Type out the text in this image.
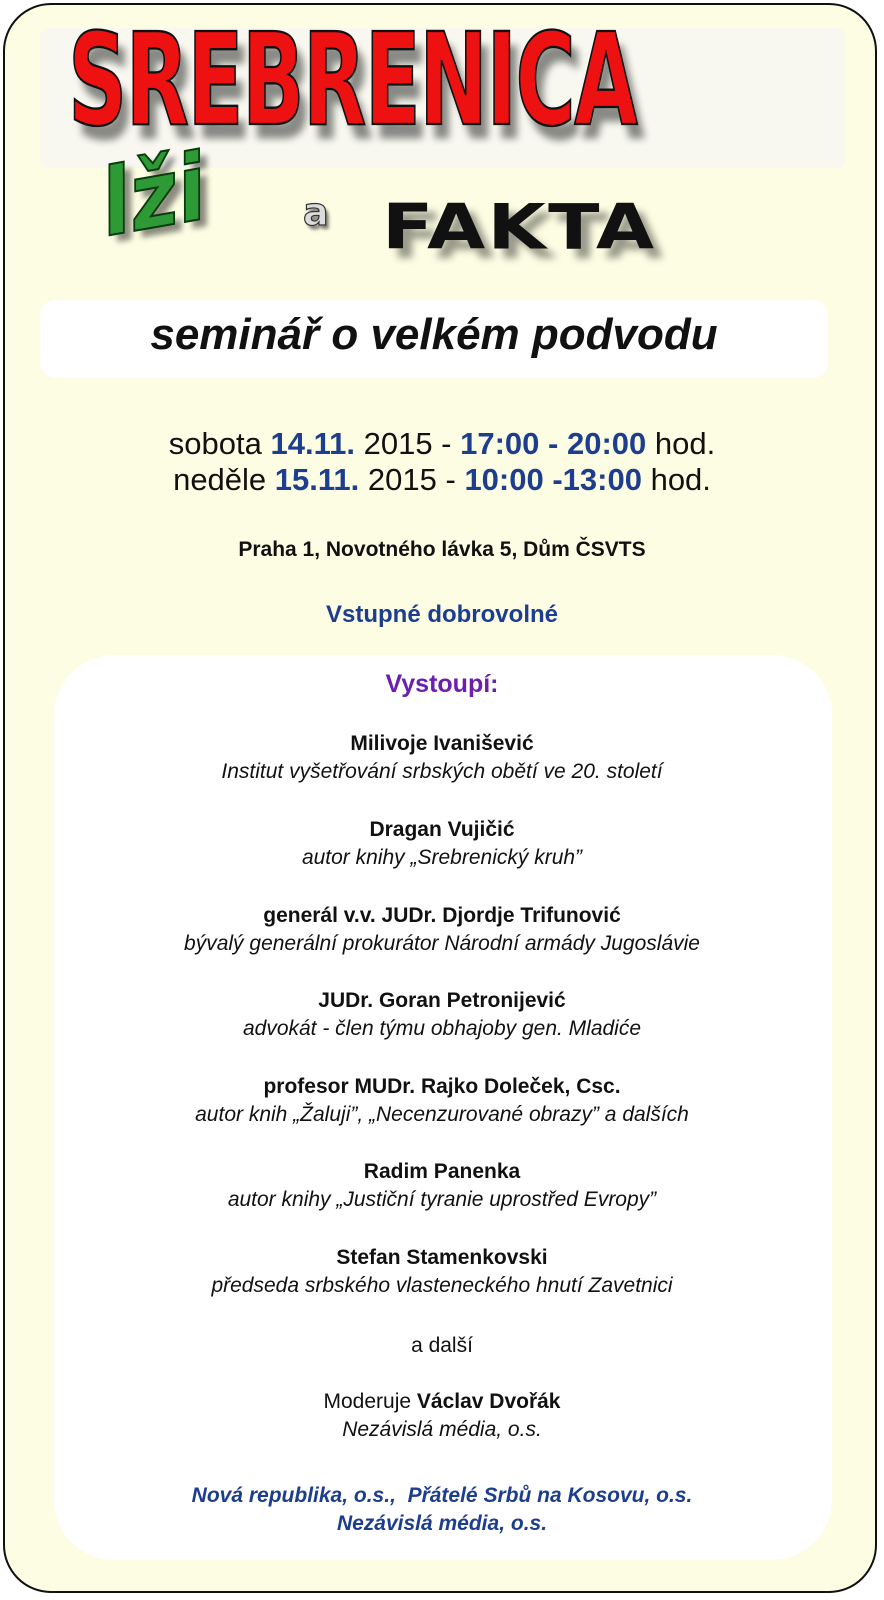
SREBRENICA
lži a FAKTA
seminář o velkém podvodu
sobota 14.11. 2015 - 17:00 - 20:00 hod.
neděle 15.11. 2015 - 10:00 -13:00 hod.
Praha 1, Novotného lávka 5, Dům ČSVTS
Vstupné dobrovolné
Vystoupí:
Milivoje Ivanišević
Institut vyšetřování srbských obětí ve 20. století
Dragan Vujičić
autor knihy „Srebrenický kruh”
generál v.v. JUDr. Djordje Trifunović
bývalý generální prokurátor Národní armády Jugoslávie
JUDr. Goran Petronijević
advokát - člen týmu obhajoby gen. Mladiće
profesor MUDr. Rajko Doleček, Csc.
autor knih „Žaluji”, „Necenzurované obrazy” a dalších
Radim Panenka
autor knihy „Justiční tyranie uprostřed Evropy”
Stefan Stamenkovski
předseda srbského vlasteneckého hnutí Zavetnici
a další
Moderuje Václav Dvořák
Nezávislá média, o.s.
Nová republika, o.s.,  Přátelé Srbů na Kosovu, o.s.
Nezávislá média, o.s.
